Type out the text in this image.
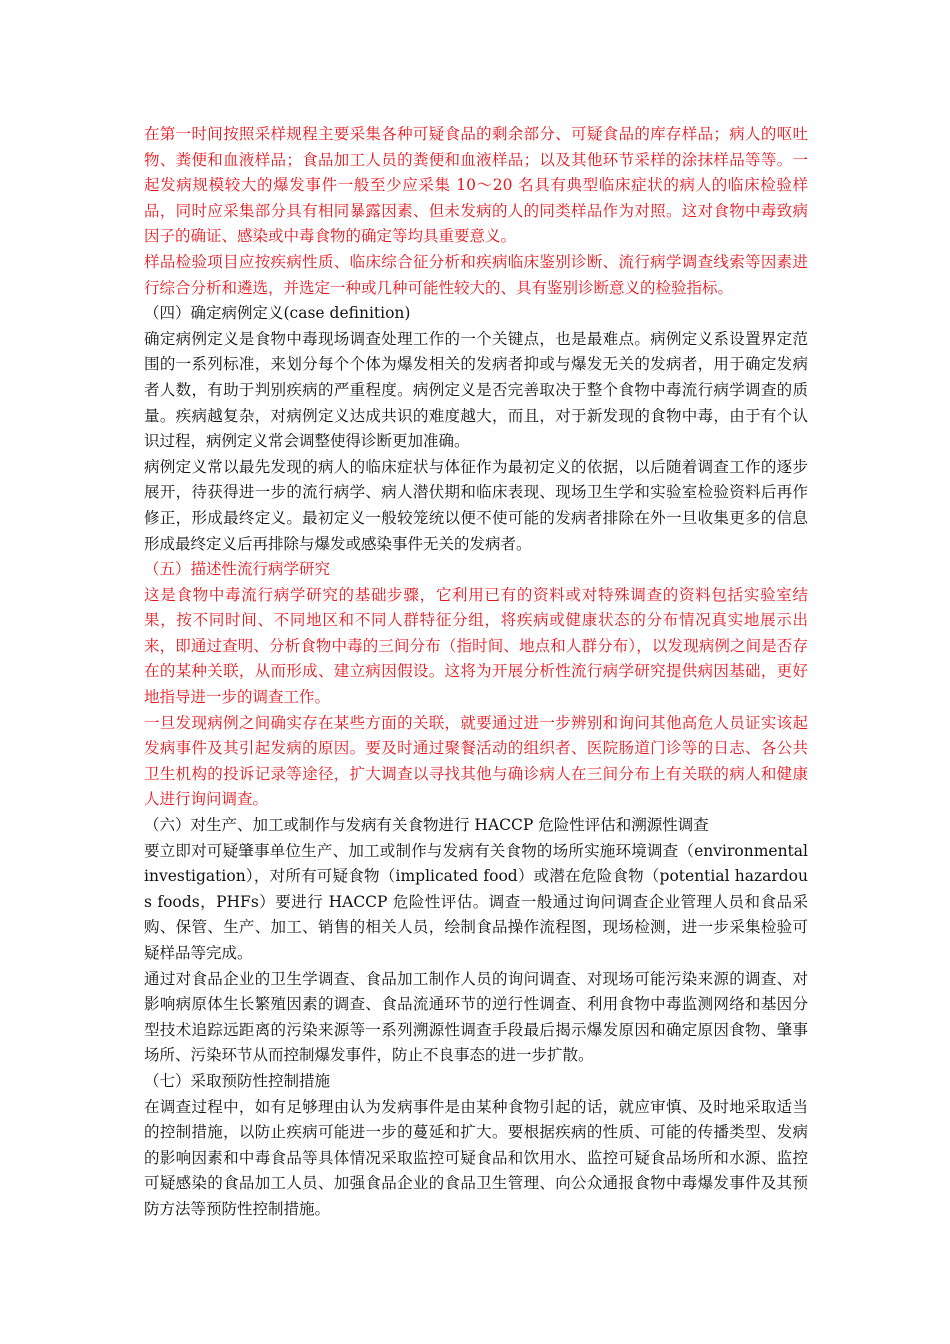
在第一时间按照采样规程主要采集各种可疑食品的剩余部分、可疑食品的库存样品；病人的呕吐物、粪便和血液样品；食品加工人员的粪便和血液样品；以及其他环节采样的涂抹样品等等。一起发病规模较大的爆发事件一般至少应采集 10～20 名具有典型临床症状的病人的临床检验样品，同时应采集部分具有相同暴露因素、但未发病的人的同类样品作为对照。这对食物中毒致病因子的确证、感染或中毒食物的确定等均具重要意义。

样品检验项目应按疾病性质、临床综合征分析和疾病临床鉴别诊断、流行病学调查线索等因素进行综合分析和遴选，并选定一种或几种可能性较大的、具有鉴别诊断意义的检验指标。

（四）确定病例定义(case definition)

确定病例定义是食物中毒现场调查处理工作的一个关键点，也是最难点。病例定义系设置界定范围的一系列标准，来划分每个个体为爆发相关的发病者抑或与爆发无关的发病者，用于确定发病者人数，有助于判别疾病的严重程度。病例定义是否完善取决于整个食物中毒流行病学调查的质量。疾病越复杂，对病例定义达成共识的难度越大，而且，对于新发现的食物中毒，由于有个认识过程，病例定义常会调整使得诊断更加准确。

病例定义常以最先发现的病人的临床症状与体征作为最初定义的依据，以后随着调查工作的逐步展开，待获得进一步的流行病学、病人潜伏期和临床表现、现场卫生学和实验室检验资料后再作修正，形成最终定义。最初定义一般较笼统以便不使可能的发病者排除在外一旦收集更多的信息形成最终定义后再排除与爆发或感染事件无关的发病者。

（五）描述性流行病学研究

这是食物中毒流行病学研究的基础步骤，它利用已有的资料或对特殊调查的资料包括实验室结果，按不同时间、不同地区和不同人群特征分组，将疾病或健康状态的分布情况真实地展示出来，即通过查明、分析食物中毒的三间分布（指时间、地点和人群分布），以发现病例之间是否存在的某种关联，从而形成、建立病因假设。这将为开展分析性流行病学研究提供病因基础，更好地指导进一步的调查工作。

一旦发现病例之间确实存在某些方面的关联，就要通过进一步辨别和询问其他高危人员证实该起发病事件及其引起发病的原因。要及时通过聚餐活动的组织者、医院肠道门诊等的日志、各公共卫生机构的投诉记录等途径，扩大调查以寻找其他与确诊病人在三间分布上有关联的病人和健康人进行询问调查。

（六）对生产、加工或制作与发病有关食物进行 HACCP 危险性评估和溯源性调查

要立即对可疑肇事单位生产、加工或制作与发病有关食物的场所实施环境调查（environmental investigation），对所有可疑食物（implicated food）或潜在危险食物（potential hazardous foods，PHFs）要进行 HACCP 危险性评估。调查一般通过询问调查企业管理人员和食品采购、保管、生产、加工、销售的相关人员，绘制食品操作流程图，现场检测，进一步采集检验可疑样品等完成。

通过对食品企业的卫生学调查、食品加工制作人员的询问调查、对现场可能污染来源的调查、对影响病原体生长繁殖因素的调查、食品流通环节的逆行性调查、利用食物中毒监测网络和基因分型技术追踪远距离的污染来源等一系列溯源性调查手段最后揭示爆发原因和确定原因食物、肇事场所、污染环节从而控制爆发事件，防止不良事态的进一步扩散。

（七）采取预防性控制措施

在调查过程中，如有足够理由认为发病事件是由某种食物引起的话，就应审慎、及时地采取适当的控制措施，以防止疾病可能进一步的蔓延和扩大。要根据疾病的性质、可能的传播类型、发病的影响因素和中毒食品等具体情况采取监控可疑食品和饮用水、监控可疑食品场所和水源、监控可疑感染的食品加工人员、加强食品企业的食品卫生管理、向公众通报食物中毒爆发事件及其预防方法等预防性控制措施。
